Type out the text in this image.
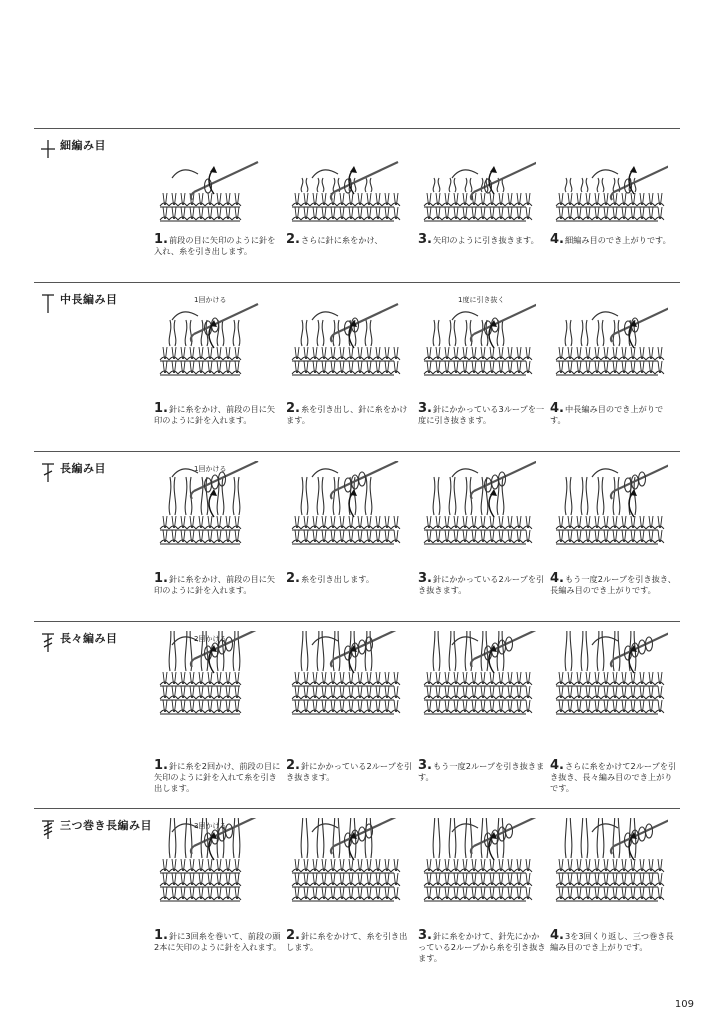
細編み目
1.前段の目に矢印のように針を入れ、糸を引き出します。
2.さらに針に糸をかけ、	3.矢印のように引き抜きます。 4.細編み目のでき上がりです。
中長編み目	1回かける
1.針に糸をかけ、前段の目に矢印のように針を入れます。
2.糸を引き出し、針に糸をかけます。
1度に引き抜く
3.針にかかっている3ループを一度に引き抜きます。
4.中長編み目のでき上がりです。
長編み目	1回かける
1.針に糸をかけ、前段の目に矢印のように針を入れます。
2.糸を引き出します。	3.針にかかっている2ループを引き抜きます。
4.もう一度2ループを引き抜き、長編み目のでき上がりです。
長々編み目	2回かける
1.針に糸を2回かけ、前段の目に矢印のように針を入れて糸を引き出します。
2.針にかかっている2ループを引き抜きます。
3.もう一度2ループを引き抜きます。
4.さらに糸をかけて2ループを引き抜き、長々編み目のでき上がりです。
三つ巻き長編み目	3回かける
1.針に3回糸を巻いて、前段の頭2本に矢印のように針を入れます。
2.針に糸をかけて、糸を引き出します。
3.針に糸をかけて、針先にかかっている2ループから糸を引き抜きます。
4.3を3回くり返し、三つ巻き長編み目のでき上がりです。
109
